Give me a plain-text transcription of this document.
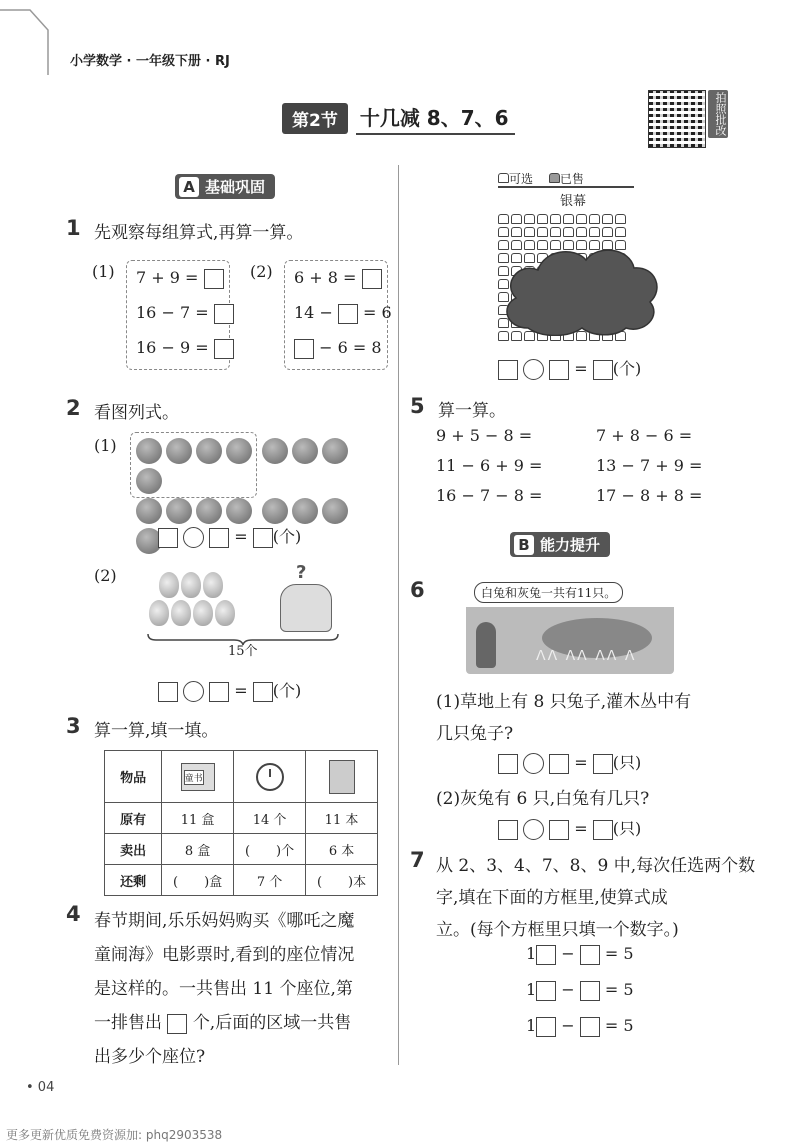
小学数学 · 一年级下册 · RJ
第2节	十几减 8、7、6	拍照批改
A 基础巩固
1 先观察每组算式,再算一算。
(1) 7 + 9 =
16 − 7 =
16 − 9 =
(2) 6 + 8 =
14 − = 6
− 6 = 8
2 看图列式。
(1)

= (个)
(2)	?
15个
= (个)
3 算一算,填一填。
物品	童书		

原有	11 盒	14 个	11 本
卖出	8 盒	(　　)个	6 本
还剩	(　　)盒	7 个	(　　)本
4 春节期间,乐乐妈妈购买《哪吒之魔
童闹海》电影票时,看到的座位情况
是这样的。一共售出 11 个座位,第
一排售出 个,后面的区域一共售
出多少个座位?
可选 已售
银幕
= (个)
5 算一算。
9 + 5 − 8 =	7 + 8 − 6 =
11 − 6 + 9 =	13 − 7 + 9 =
16 − 7 − 8 =	17 − 8 + 8 =
B 能力提升
6	白兔和灰兔一共有11只。
ᐱᐱ ᐱᐱ ᐱᐱ ᐱ
(1)草地上有 8 只兔子,灌木丛中有
几只兔子?
= (只)
(2)灰兔有 6 只,白兔有几只?
= (只)
7 从 2、3、4、7、8、9 中,每次任选两个数
字,填在下面的方框里,使算式成
立。(每个方框里只填一个数字。)
1 − = 5
1 − = 5
1 − = 5
• 04
更多更新优质免费资源加: phq2903538
